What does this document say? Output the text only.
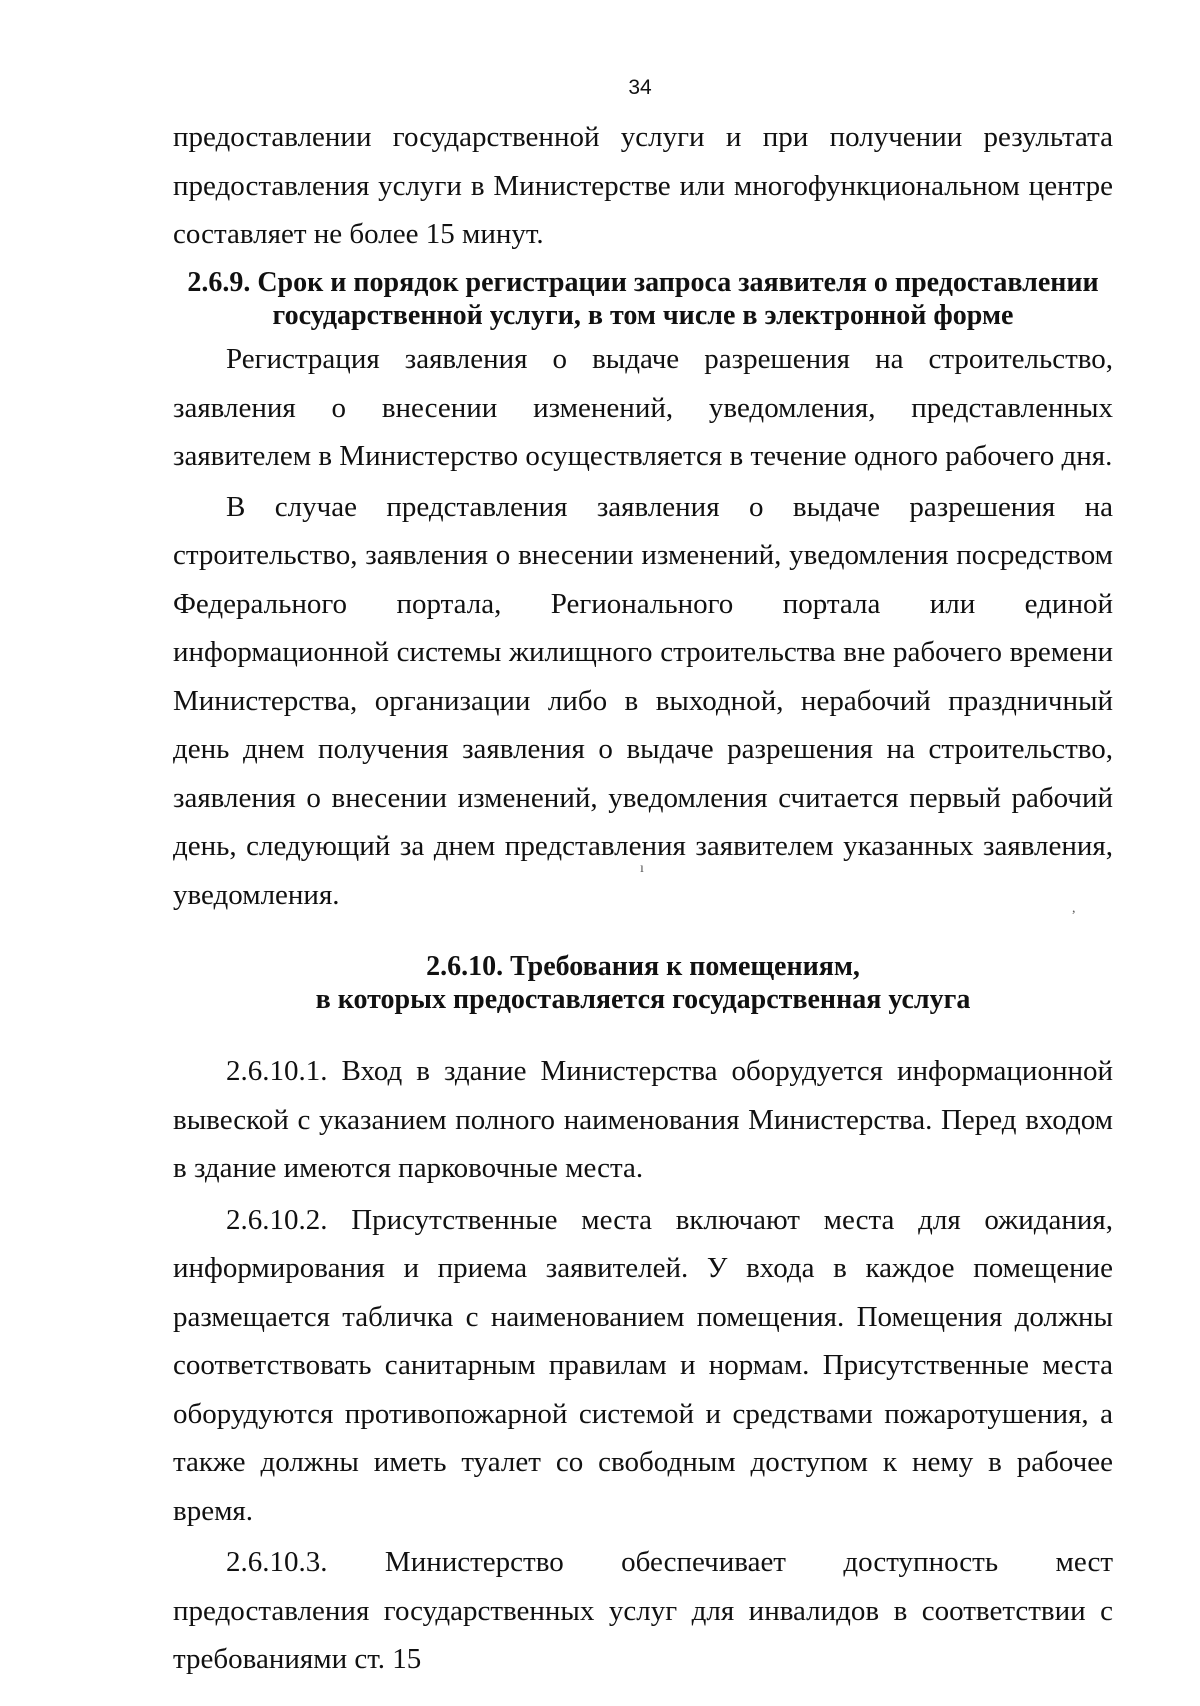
34

предоставлении государственной услуги и при получении результата предоставления услуги в Министерстве или многофункциональном центре составляет не более 15 минут.

2.6.9. Срок и порядок регистрации запроса заявителя о предоставлении
государственной услуги, в том числе в электронной форме

Регистрация заявления о выдаче разрешения на строительство, заявления о внесении изменений, уведомления, представленных заявителем в Министерство осуществляется в течение одного рабочего дня.

В случае представления заявления о выдаче разрешения на строительство, заявления о внесении изменений, уведомления посредством Федерального портала, Регионального портала или единой информационной системы жилищного строительства вне рабочего времени Министерства, организации либо в выходной, нерабочий праздничный день днем получения заявления о выдаче разрешения на строительство, заявления о внесении изменений, уведомления считается первый рабочий день, следующий за днем представления заявителем указанных заявления, уведомления.

2.6.10. Требования к помещениям,
в которых предоставляется государственная услуга

2.6.10.1. Вход в здание Министерства оборудуется информационной вывеской с указанием полного наименования Министерства. Перед входом в здание имеются парковочные места.

2.6.10.2. Присутственные места включают места для ожидания, информирования и приема заявителей. У входа в каждое помещение размещается табличка с наименованием помещения. Помещения должны соответствовать санитарным правилам и нормам. Присутственные места оборудуются противопожарной системой и средствами пожаротушения, а также должны иметь туалет со свободным доступом к нему в рабочее время.

2.6.10.3. Министерство обеспечивает доступность мест предоставления государственных услуг для инвалидов в соответствии с требованиями ст. 15

ı
,
